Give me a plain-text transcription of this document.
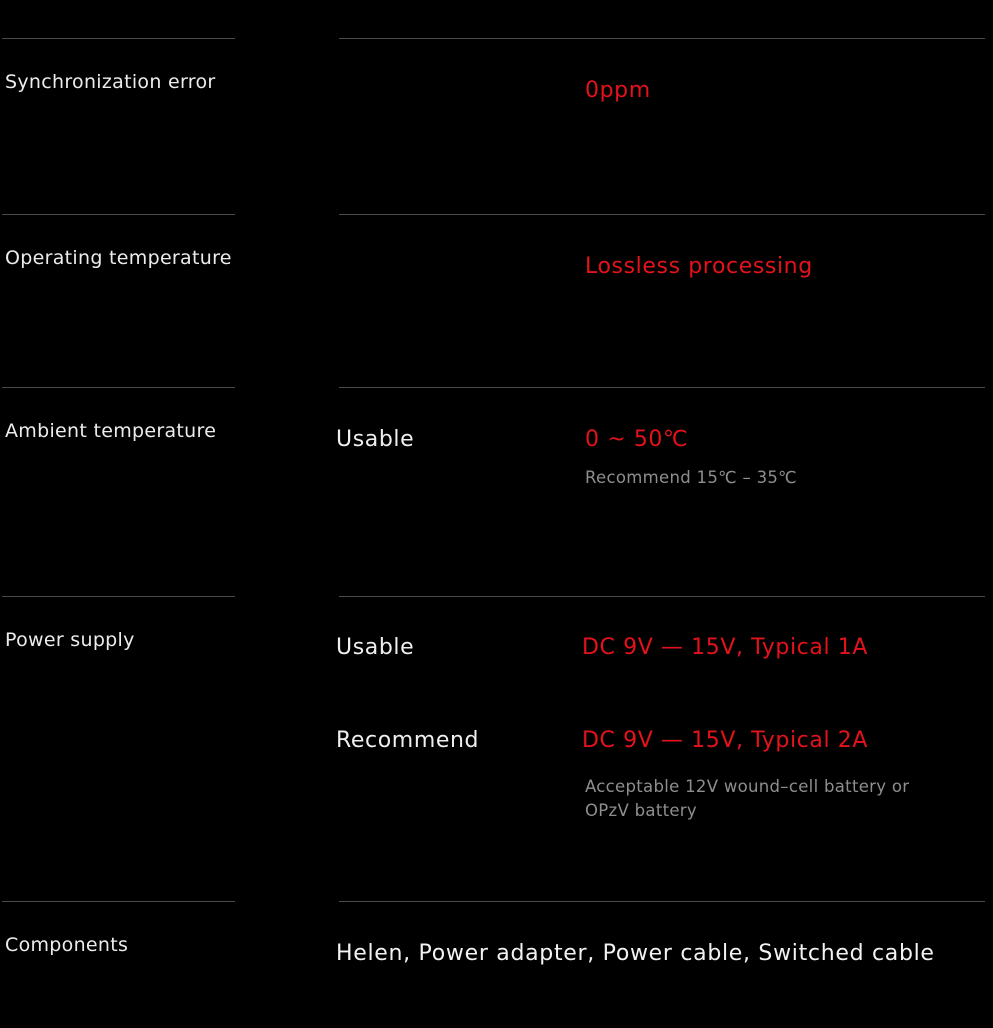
Synchronization error	0ppm
Operating temperature	Lossless processing
Ambient temperature	Usable	0 ~ 50℃
Recommend 15℃ – 35℃
Power supply	Usable	DC 9V — 15V, Typical 1A
Recommend	DC 9V — 15V, Typical 2A
Acceptable 12V wound–cell battery or OPzV battery
Components	Helen, Power adapter, Power cable, Switched cable
